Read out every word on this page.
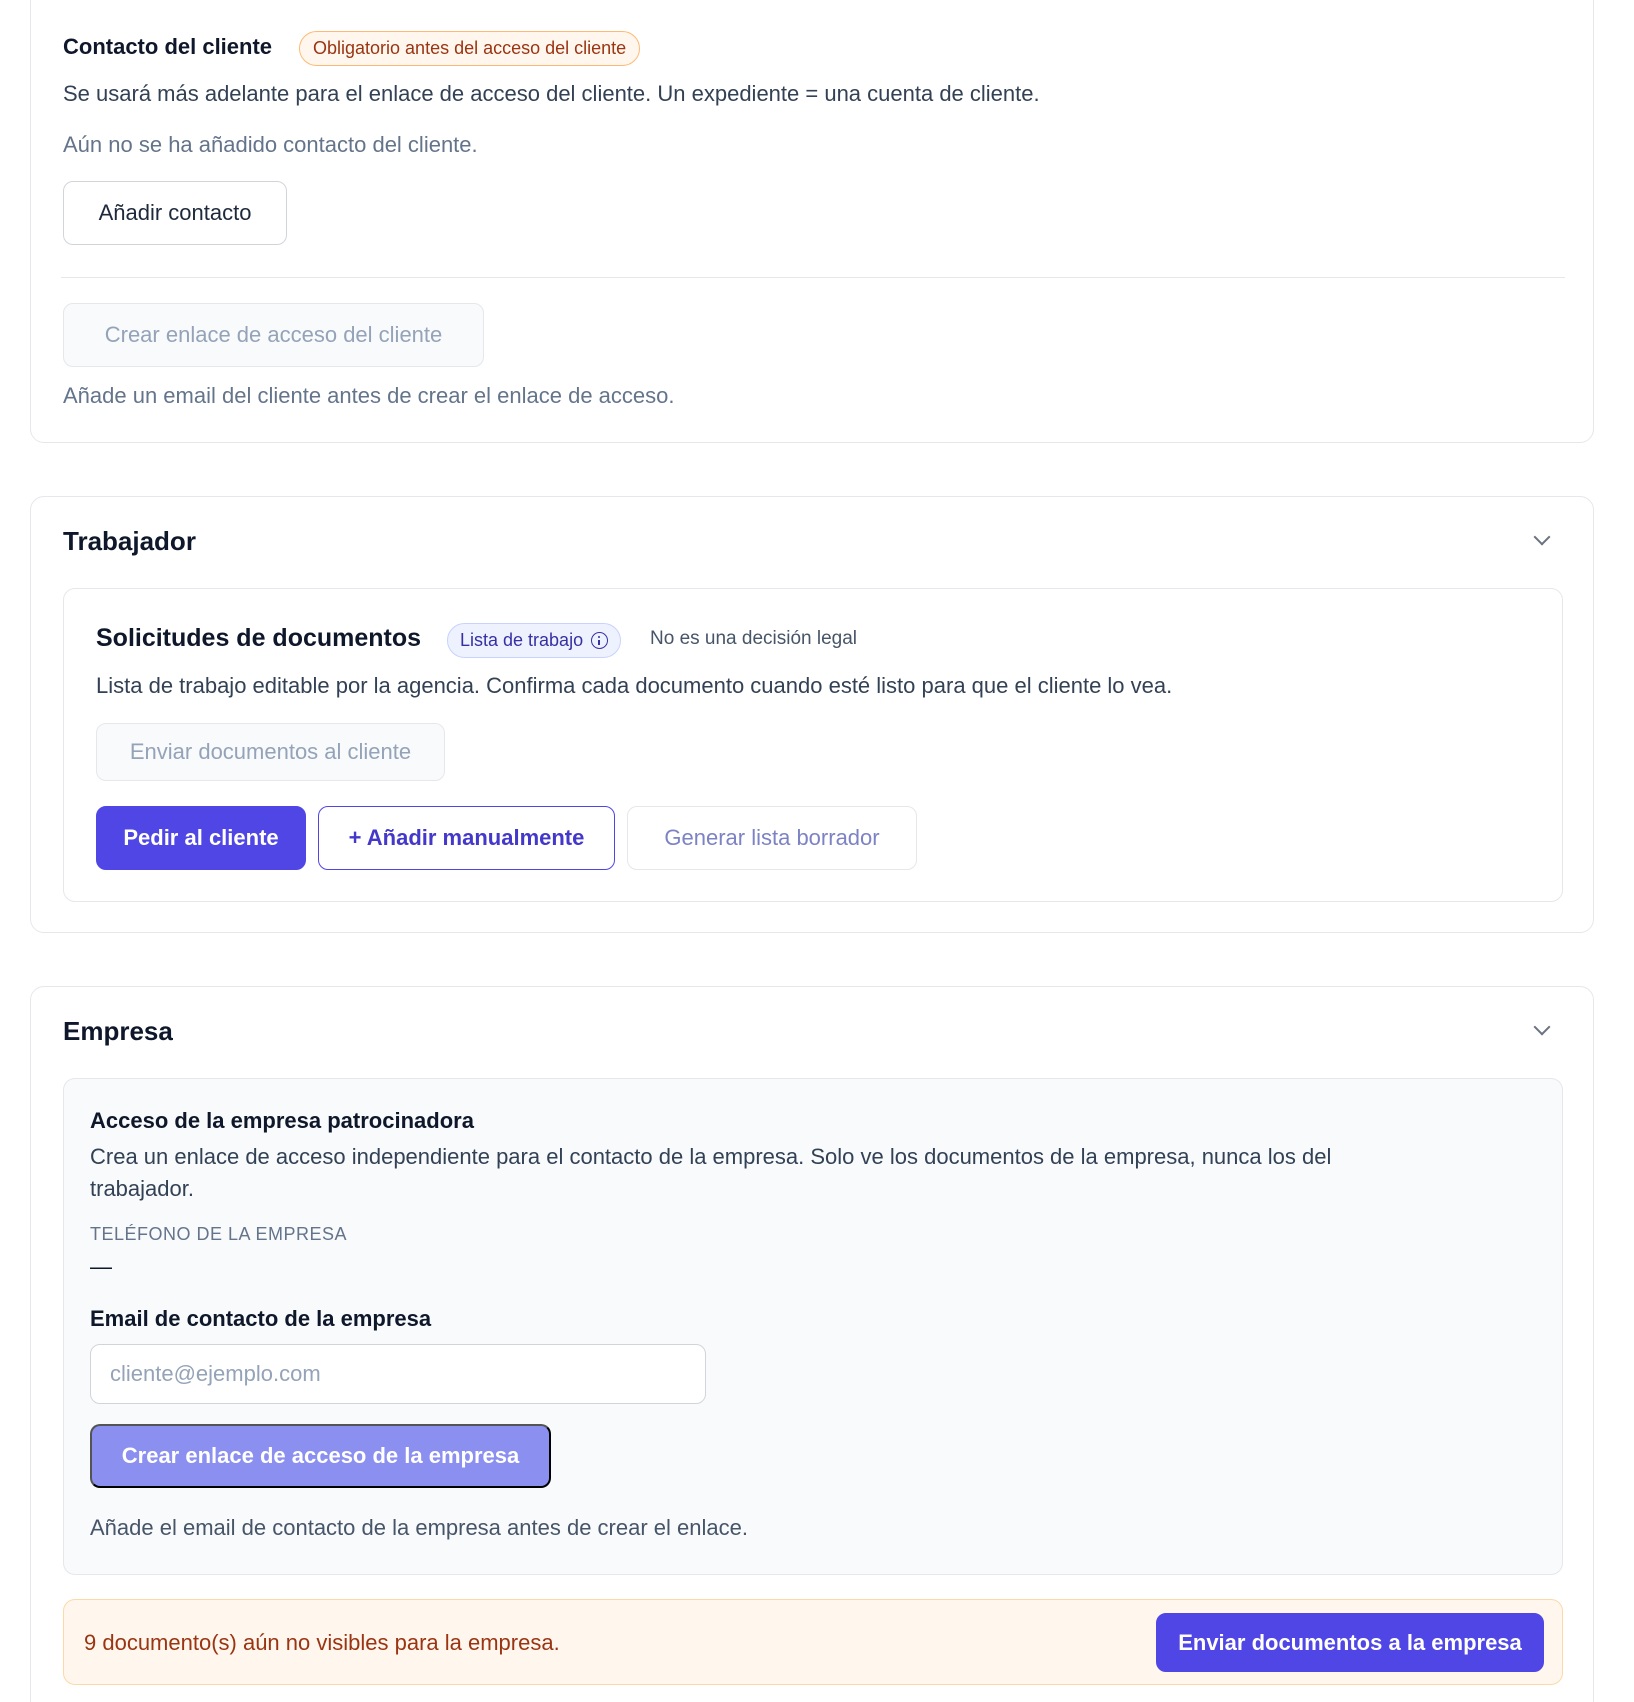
Contacto del cliente	Obligatorio antes del acceso del cliente
Se usará más adelante para el enlace de acceso del cliente. Un expediente = una cuenta de cliente.
Aún no se ha añadido contacto del cliente.
Añadir contacto
Crear enlace de acceso del cliente
Añade un email del cliente antes de crear el enlace de acceso.
Trabajador
Solicitudes de documentos Lista de trabajo	No es una decisión legal
Lista de trabajo editable por la agencia. Confirma cada documento cuando esté listo para que el cliente lo vea.
Enviar documentos al cliente
Pedir al cliente	+ Añadir manualmente	Generar lista borrador
Empresa
Acceso de la empresa patrocinadora
Crea un enlace de acceso independiente para el contacto de la empresa. Solo ve los documentos de la empresa, nunca los del
trabajador.
TELÉFONO DE LA EMPRESA
—
Email de contacto de la empresa
cliente@ejemplo.com
Crear enlace de acceso de la empresa
Añade el email de contacto de la empresa antes de crear el enlace.
9 documento(s) aún no visibles para la empresa.	Enviar documentos a la empresa
